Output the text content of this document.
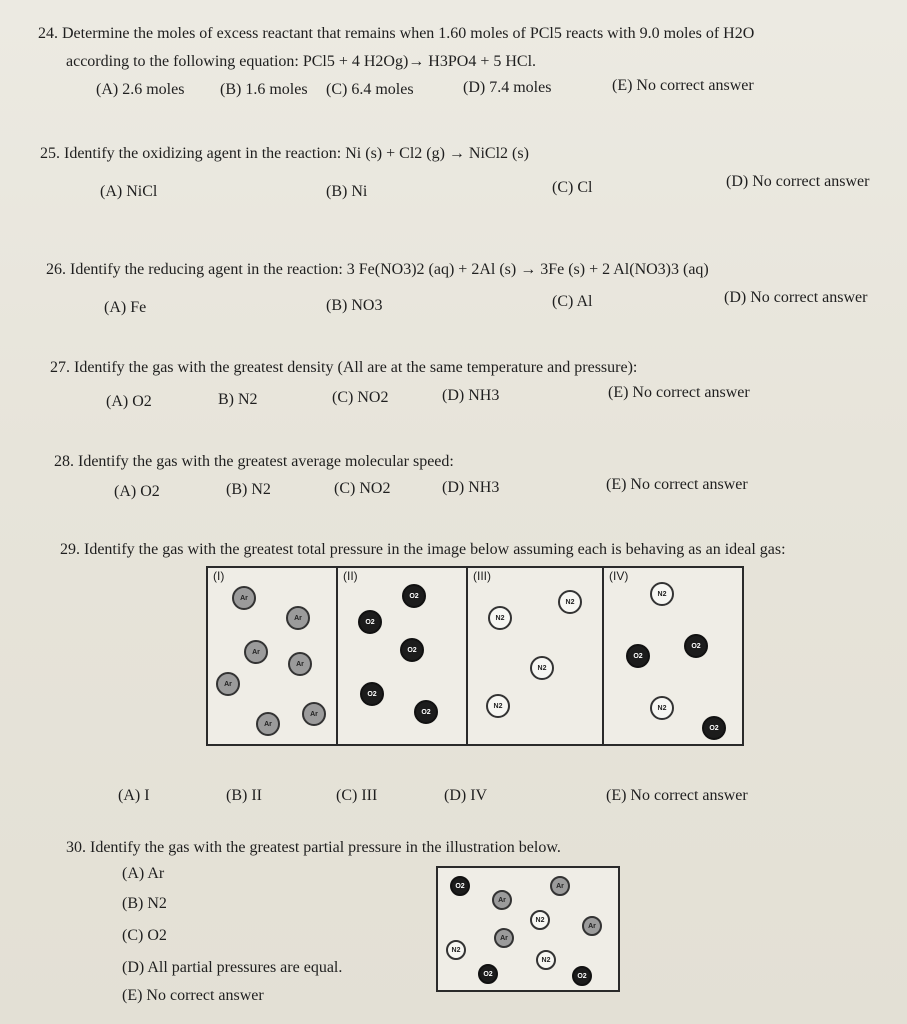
24. Determine the moles of excess reactant that remains when 1.60 moles of PCl5 reacts with 9.0 moles of H2O
according to the following equation: PCl5 + 4 H2Og)→ H3PO4 + 5 HCl.
(A) 2.6 moles (B) 1.6 moles (C) 6.4 moles	(D) 7.4 moles	(E) No correct answer
25. Identify the oxidizing agent in the reaction: Ni (s) + Cl2 (g) → NiCl2 (s)
(A) NiCl	(B) Ni	(C) Cl	(D) No correct answer
26. Identify the reducing agent in the reaction: 3 Fe(NO3)2 (aq) + 2Al (s) → 3Fe (s) + 2 Al(NO3)3 (aq)
(A) Fe	(B) NO3	(C) Al	(D) No correct answer
27. Identify the gas with the greatest density (All are at the same temperature and pressure):
(A) O2	B) N2	(C) NO2	(D) NH3	(E) No correct answer
28. Identify the gas with the greatest average molecular speed:
(A) O2	(B) N2	(C) NO2	(D) NH3	(E) No correct answer
29. Identify the gas with the greatest total pressure in the image below assuming each is behaving as an ideal gas:
(I)
Ar
Ar
Ar
Ar
Ar
Ar
Ar
(II)
O2
O2
O2
O2
O2
(III)
N2
N2
N2
N2
(IV)
N2
O2
O2
N2
O2
(A) I	(B) II	(C) III	(D) IV	(E) No correct answer
30. Identify the gas with the greatest partial pressure in the illustration below.
(A) Ar
(B) N2
(C) O2
(D) All partial pressures are equal.
(E) No correct answer
O2	Ar
Ar
N2
Ar
Ar
N2
N2
O2	O2
